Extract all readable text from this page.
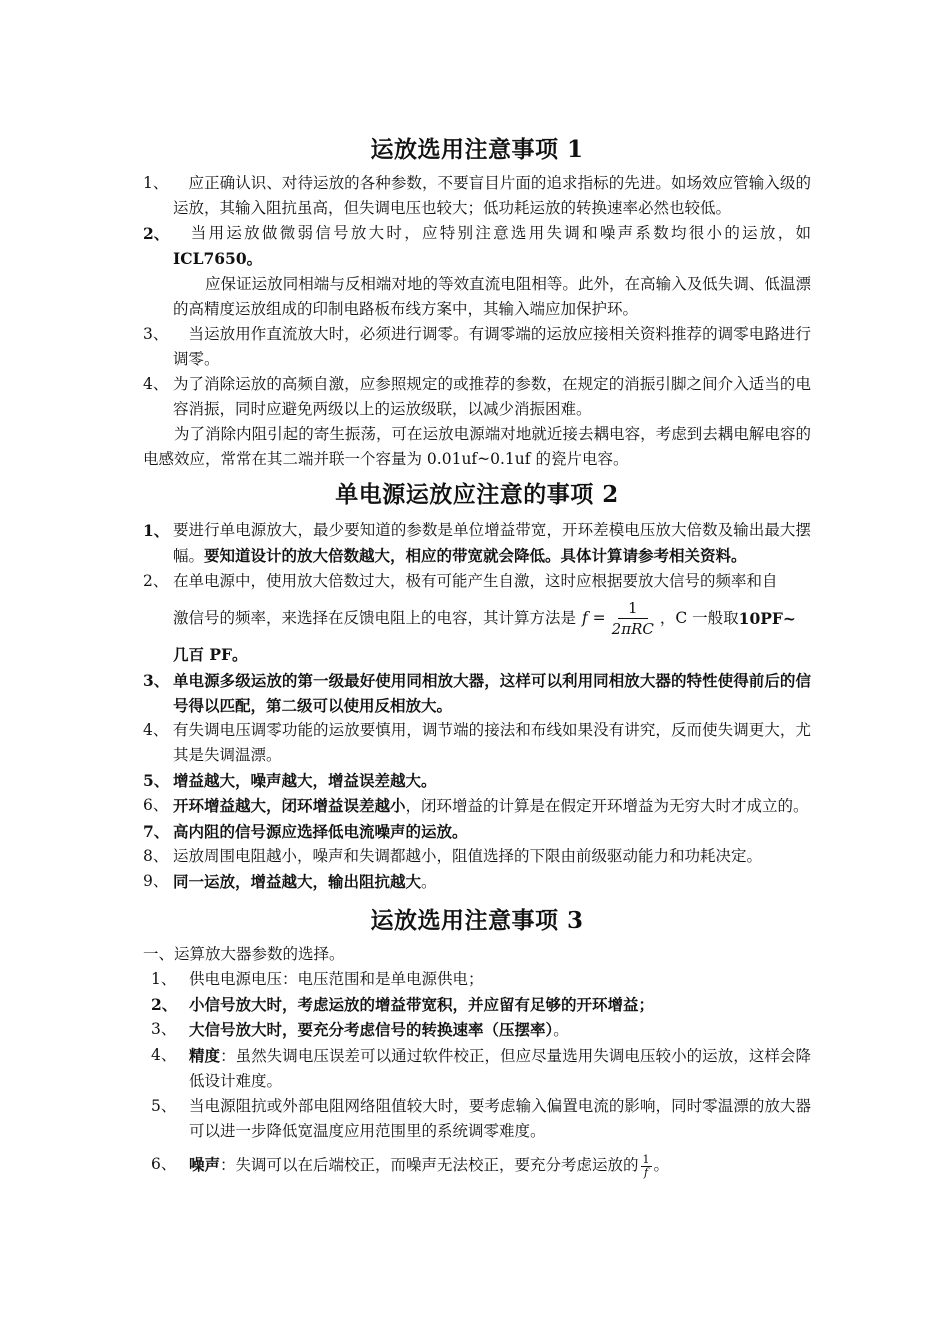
运放选用注意事项 1
1、 　应正确认识、对待运放的各种参数，不要盲目片面的追求指标的先进。如场效应管输入级的运放，其输入阻抗虽高，但失调电压也较大；低功耗运放的转换速率必然也较低。
2、 　当用运放做微弱信号放大时，应特别注意选用失调和噪声系数均很小的运放，如ICL7650。
应保证运放同相端与反相端对地的等效直流电阻相等。此外，在高输入及低失调、低温漂的高精度运放组成的印制电路板布线方案中，其输入端应加保护环。
3、 　当运放用作直流放大时，必须进行调零。有调零端的运放应接相关资料推荐的调零电路进行调零。
4、 为了消除运放的高频自激，应参照规定的或推荐的参数，在规定的消振引脚之间介入适当的电容消振，同时应避免两级以上的运放级联，以减少消振困难。
为了消除内阻引起的寄生振荡，可在运放电源端对地就近接去耦电容，考虑到去耦电解电容的电感效应，常常在其二端并联一个容量为 0.01uf~0.1uf 的瓷片电容。
单电源运放应注意的事项 2
1、 要进行单电源放大，最少要知道的参数是单位增益带宽，开环差模电压放大倍数及输出最大摆幅。要知道设计的放大倍数越大，相应的带宽就会降低。具体计算请参考相关资料。
2、 在单电源中，使用放大倍数过大，极有可能产生自激，这时应根据要放大信号的频率和自
激信号的频率，来选择在反馈电阻上的电容，其计算方法是 $f = \frac{1}{\text{2πRC}}$ ，C 一般取 10PF~
几百 PF。
3、 单电源多级运放的第一级最好使用同相放大器，这样可以利用同相放大器的特性使得前后的信号得以匹配，第二级可以使用反相放大。
4、 有失调电压调零功能的运放要慎用，调节端的接法和布线如果没有讲究，反而使失调更大，尤其是失调温漂。
5、 增益越大，噪声越大，增益误差越大。
6、 开环增益越大，闭环增益误差越小，闭环增益的计算是在假定开环增益为无穷大时才成立的。
7、 高内阻的信号源应选择低电流噪声的运放。
8、 运放周围电阻越小，噪声和失调都越小，阻值选择的下限由前级驱动能力和功耗决定。
9、 同一运放，增益越大，输出阻抗越大。
运放选用注意事项 3
一、运算放大器参数的选择。
1、 供电电源电压：电压范围和是单电源供电；
2、 小信号放大时，考虑运放的增益带宽积，并应留有足够的开环增益；
3、 大信号放大时，要充分考虑信号的转换速率（压摆率）。
4、 精度：虽然失调电压误差可以通过软件校正，但应尽量选用失调电压较小的运放，这样会降低设计难度。
5、 当电源阻抗或外部电阻网络阻值较大时，要考虑输入偏置电流的影响，同时零温漂的放大器可以进一步降低宽温度应用范围里的系统调零难度。
6、 噪声：失调可以在后端校正，而噪声无法校正，要充分考虑运放的 $\frac{1}{f}$ 。
